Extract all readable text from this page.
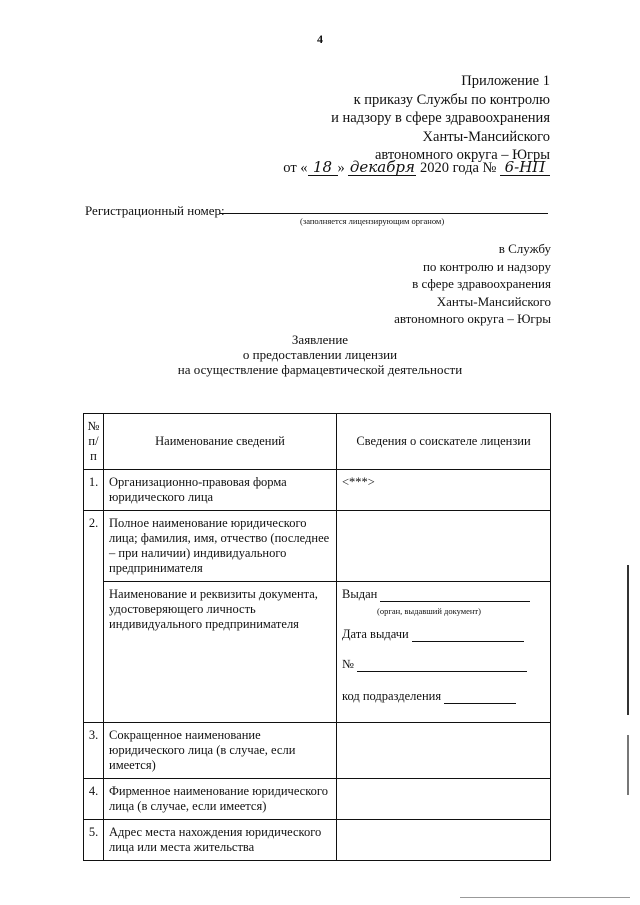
4
Приложение 1
к приказу Службы по контролю
и надзору в сфере здравоохранения
Ханты-Мансийского
автономного округа – Югры
от « 18 » декабря 2020 года № 6-НП
Регистрационный номер:
(заполняется лицензирующим органом)
в Службу
по контролю и надзору
в сфере здравоохранения
Ханты-Мансийского
автономного округа – Югры
Заявление
о предоставлении лицензии
на осуществление фармацевтической деятельности
№ п/п	Наименование сведений	Сведения о соискателе лицензии
1.	Организационно-правовая форма юридического лица	<***>
2.	Полное наименование юридического лица; фамилия, имя, отчество (последнее – при наличии) индивидуального предпринимателя	
	Наименование и реквизиты документа, удостоверяющего личность индивидуального предпринимателя	Выдан
(орган, выдавший документ)
Дата выдачи
№
код подразделения

3.	Сокращенное наименование юридического лица (в случае, если имеется)	
4.	Фирменное наименование юридического лица (в случае, если имеется)	
5.	Адрес места нахождения юридического лица или места жительства	
